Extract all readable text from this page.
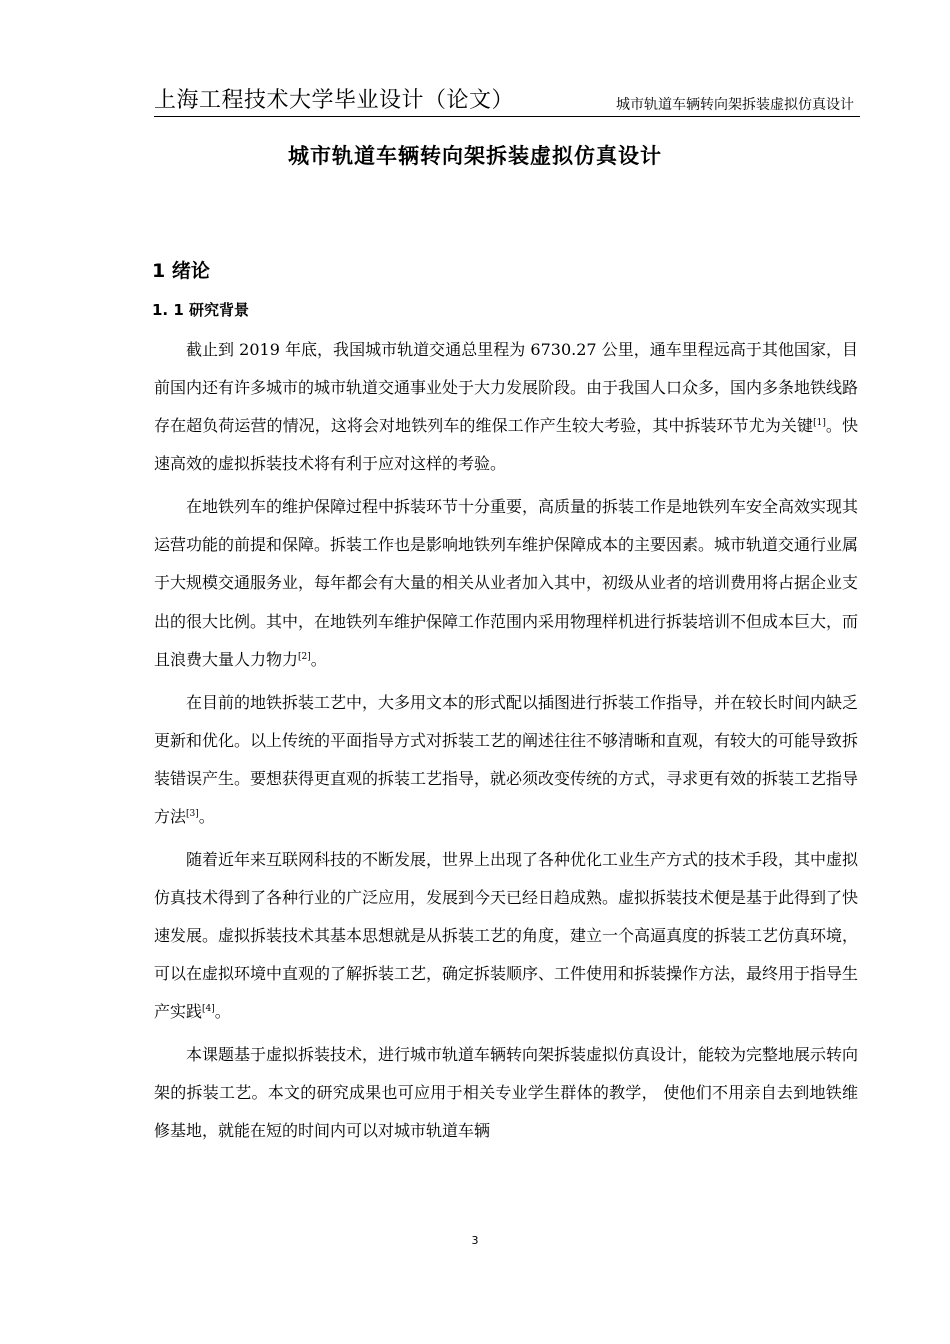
上海工程技术大学毕业设计（论文）	城市轨道车辆转向架拆装虚拟仿真设计
城市轨道车辆转向架拆装虚拟仿真设计
1 绪论
1. 1 研究背景

截止到 2019 年底，我国城市轨道交通总里程为 6730.27 公里，通车里程远高于其他国家，目前国内还有许多城市的城市轨道交通事业处于大力发展阶段。由于我国人口众多，国内多条地铁线路存在超负荷运营的情况，这将会对地铁列车的维保工作产生较大考验，其中拆装环节尤为关键[1]。快速高效的虚拟拆装技术将有利于应对这样的考验。

在地铁列车的维护保障过程中拆装环节十分重要，高质量的拆装工作是地铁列车安全高效实现其运营功能的前提和保障。拆装工作也是影响地铁列车维护保障成本的主要因素。城市轨道交通行业属于大规模交通服务业，每年都会有大量的相关从业者加入其中，初级从业者的培训费用将占据企业支出的很大比例。其中，在地铁列车维护保障工作范围内采用物理样机进行拆装培训不但成本巨大，而且浪费大量人力物力[2]。

在目前的地铁拆装工艺中，大多用文本的形式配以插图进行拆装工作指导，并在较长时间内缺乏更新和优化。以上传统的平面指导方式对拆装工艺的阐述往往不够清晰和直观，有较大的可能导致拆装错误产生。要想获得更直观的拆装工艺指导，就必须改变传统的方式，寻求更有效的拆装工艺指导方法[3]。

随着近年来互联网科技的不断发展，世界上出现了各种优化工业生产方式的技术手段，其中虚拟仿真技术得到了各种行业的广泛应用，发展到今天已经日趋成熟。虚拟拆装技术便是基于此得到了快速发展。虚拟拆装技术其基本思想就是从拆装工艺的角度，建立一个高逼真度的拆装工艺仿真环境，可以在虚拟环境中直观的了解拆装工艺，确定拆装顺序、工件使用和拆装操作方法，最终用于指导生产实践[4]。

本课题基于虚拟拆装技术，进行城市轨道车辆转向架拆装虚拟仿真设计，能较为完整地展示转向架的拆装工艺。本文的研究成果也可应用于相关专业学生群体的教学， 使他们不用亲自去到地铁维修基地，就能在短的时间内可以对城市轨道车辆

3
